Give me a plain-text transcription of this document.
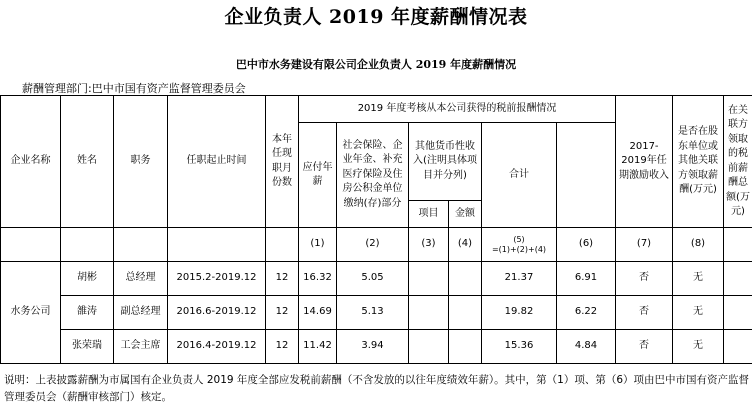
企业负责人 2019 年度薪酬情况表
巴中市水务建设有限公司企业负责人 2019 年度薪酬情况
薪酬管理部门:巴中市国有资产监督管理委员会
企业名称	姓名	职务	任职起止时间	本年任现职月份数	2019 年度考核从本公司获得的税前报酬情况						2017-2019年任期激励收入	是否在股东单位或其他关联方领取薪酬(万元)	在关联方领取的税前薪酬总额(万元)	
					应付年薪	社会保险、企业年金、补充医疗保险及住房公积金单位缴纳(存)部分	其他货币性收入(注明具体项目并分列)		合计					
							项目	金额						
					(1)	(2)	(3)	(4)	(5)
=(1)+(2)+(4)	(6)	(7)	(8)		
水务公司	胡彬	总经理	2015.2-2019.12	12	16.32	5.05			21.37	6.91	否	无		
	雒涛	副总经理	2016.6-2019.12	12	14.69	5.13			19.82	6.22	否	无		
	张荣瑞	工会主席	2016.4-2019.12	12	11.42	3.94			15.36	4.84	否	无		
说明：上表披露薪酬为市属国有企业负责人 2019 年度全部应发税前薪酬（不含发放的以往年度绩效年薪）。其中，第（1）项、第（6）项由巴中市国有资产监督管理委员会（薪酬审核部门）核定。
